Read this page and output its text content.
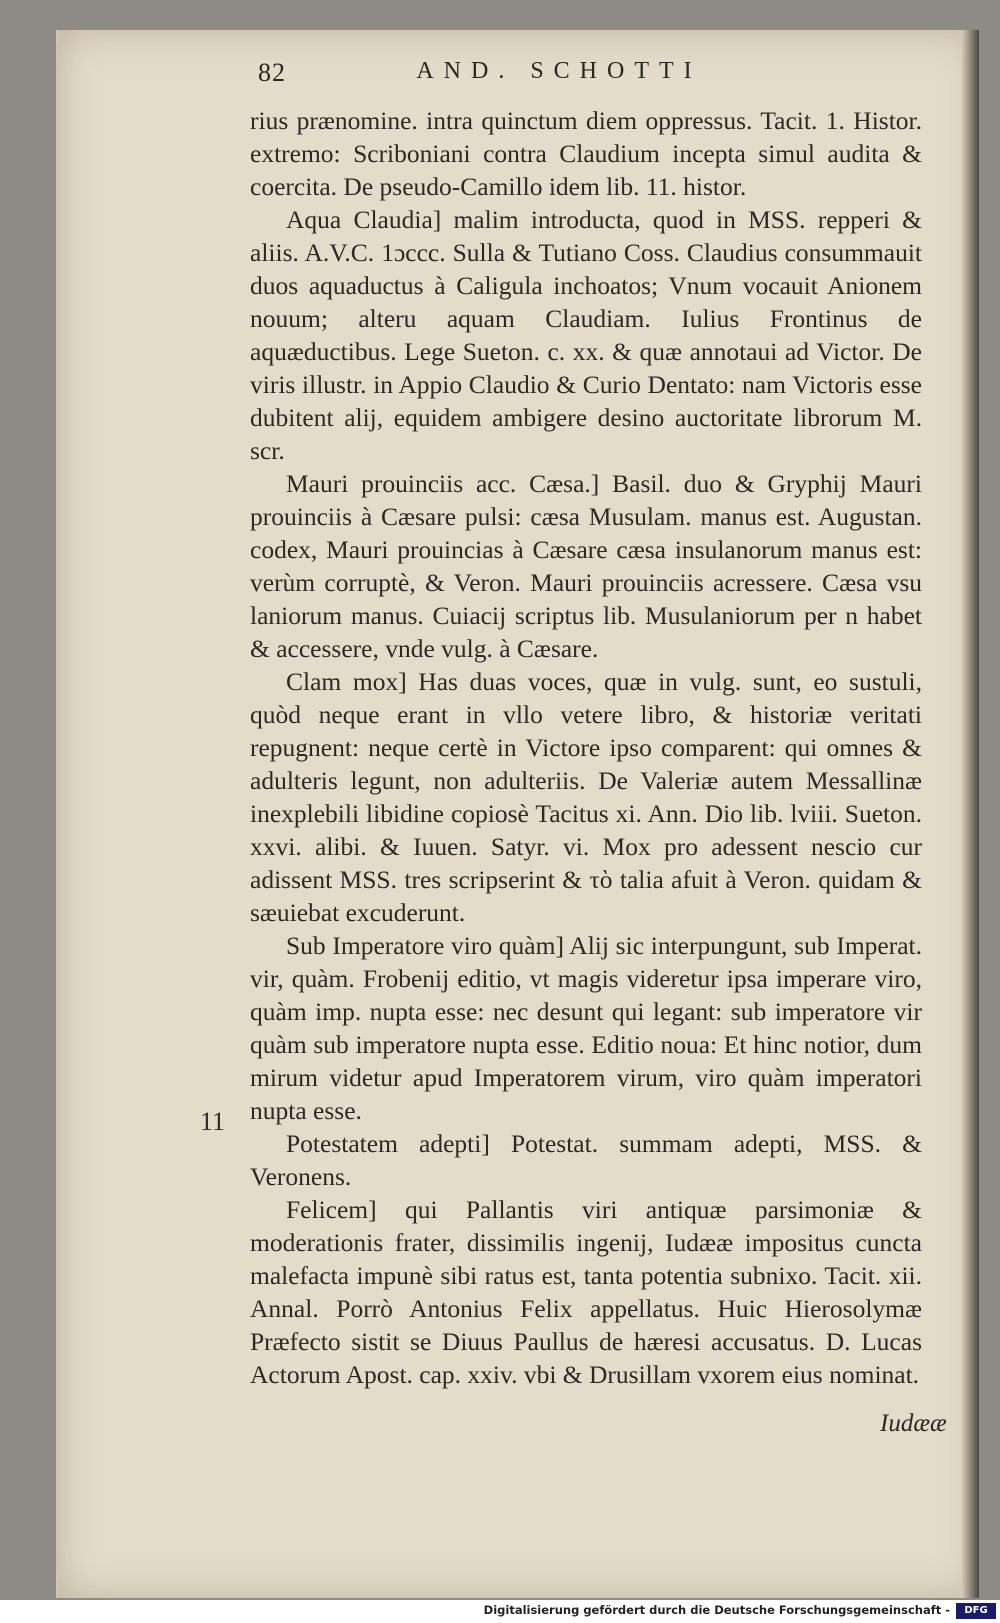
82	AND. SCHOTTI

rius prænomine. intra quinctum diem oppressus. Tacit. 1. Histor. extremo: Scriboniani contra Claudium incepta simul audita & coercita. De pseudo-Camillo idem lib. 11. histor.

Aqua Claudia] malim introducta, quod in MSS. repperi & aliis. A.V.C. 1ɔccc. Sulla & Tutiano Coss. Claudius consummauit duos aquaductus à Caligula inchoatos; Vnum vocauit Anionem nouum; alteru aquam Claudiam. Iulius Frontinus de aquæductibus. Lege Sueton. c. xx. & quæ annotaui ad Victor. De viris illustr. in Appio Claudio & Curio Dentato: nam Victoris esse dubitent alij, equidem ambigere desino auctoritate librorum M. scr.

Mauri prouinciis acc. Cæsa.] Basil. duo & Gryphij Mauri prouinciis à Cæsare pulsi: cæsa Musulam. manus est. Augustan. codex, Mauri prouincias à Cæsare cæsa insulanorum manus est: verùm corruptè, & Veron. Mauri prouinciis acressere. Cæsa vsu laniorum manus. Cuiacij scriptus lib. Musulaniorum per n habet & accessere, vnde vulg. à Cæsare.

Clam mox] Has duas voces, quæ in vulg. sunt, eo sustuli, quòd neque erant in vllo vetere libro, & historiæ veritati repugnent: neque certè in Victore ipso comparent: qui omnes & adulteris legunt, non adulteriis. De Valeriæ autem Messallinæ inexplebili libidine copiosè Tacitus xi. Ann. Dio lib. lviii. Sueton. xxvi. alibi. & Iuuen. Satyr. vi. Mox pro adessent nescio cur adissent MSS. tres scripserint & τὸ talia afuit à Veron. quidam & sæuiebat excuderunt.

Sub Imperatore viro quàm] Alij sic interpungunt, sub Imperat. vir, quàm. Frobenij editio, vt magis videretur ipsa imperare viro, quàm imp. nupta esse: nec desunt qui legant: sub imperatore vir quàm sub imperatore nupta esse. Editio noua: Et hinc notior, dum mirum videtur apud Imperatorem virum, viro quàm imperatori nupta esse.

Potestatem adepti] Potestat. summam adepti, MSS. & Veronens.

Felicem] qui Pallantis viri antiquæ parsimoniæ & moderationis frater, dissimilis ingenij, Iudææ impositus cuncta malefacta impunè sibi ratus est, tanta potentia subnixo. Tacit. xii. Annal. Porrò Antonius Felix appellatus. Huic Hierosolymæ Præfecto sistit se Diuus Paullus de hæresi accusatus. D. Lucas Actorum Apost. cap. xxiv. vbi & Drusillam vxorem eius nominat.

11
Iudææ
Digitalisierung gefördert durch die Deutsche Forschungsgemeinschaft -	DFG
